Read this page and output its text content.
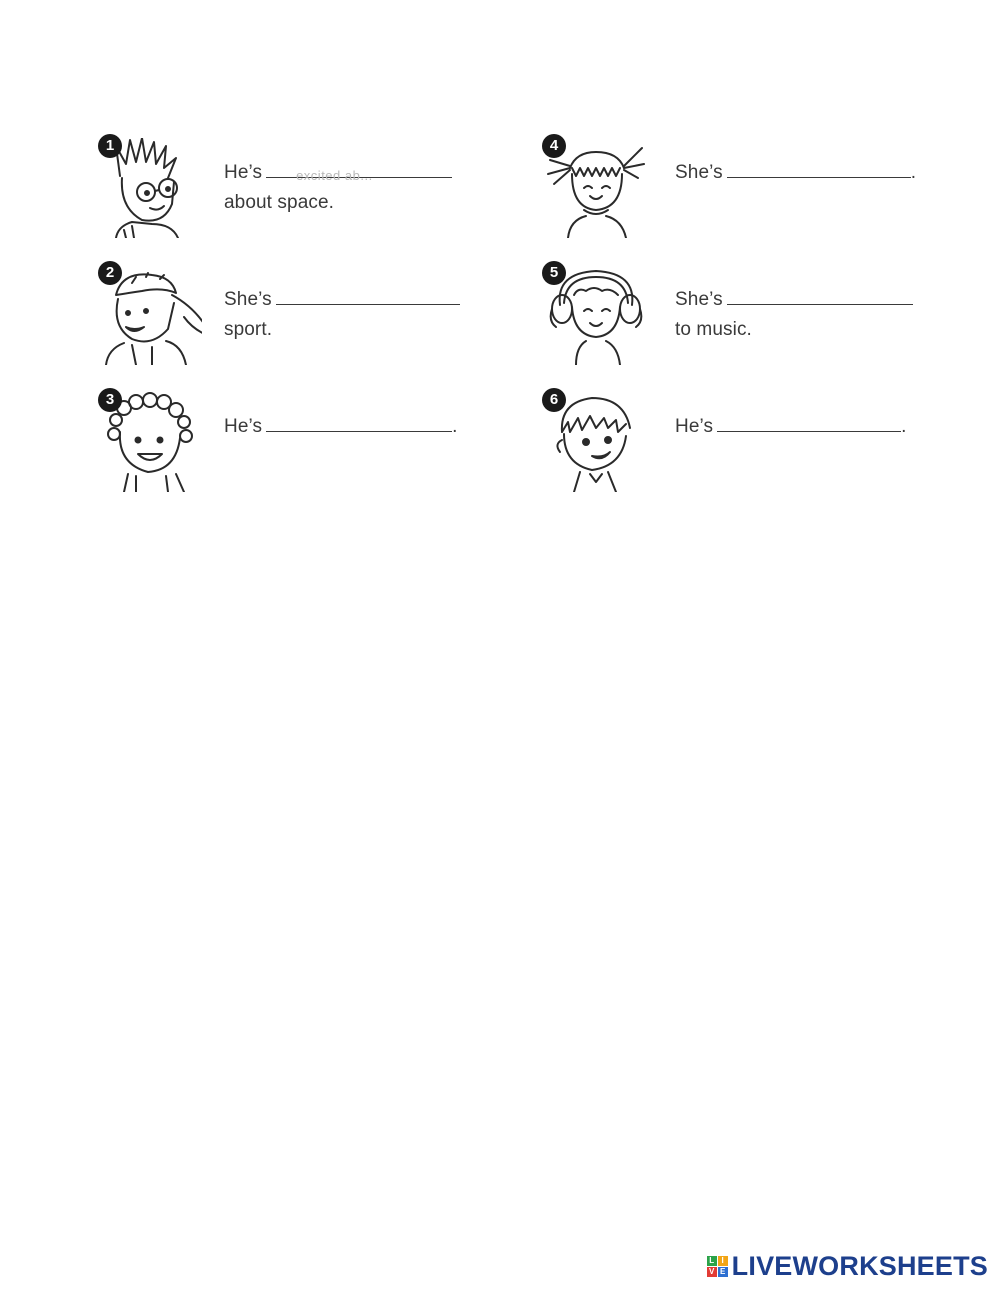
1
He’s	excited ab...
about space.
2
She’s
sport.
3
He’s	.
4
She’s	.
5
She’s
to music.
6
He’s	.
L I
V E LIVEWORKSHEETS
